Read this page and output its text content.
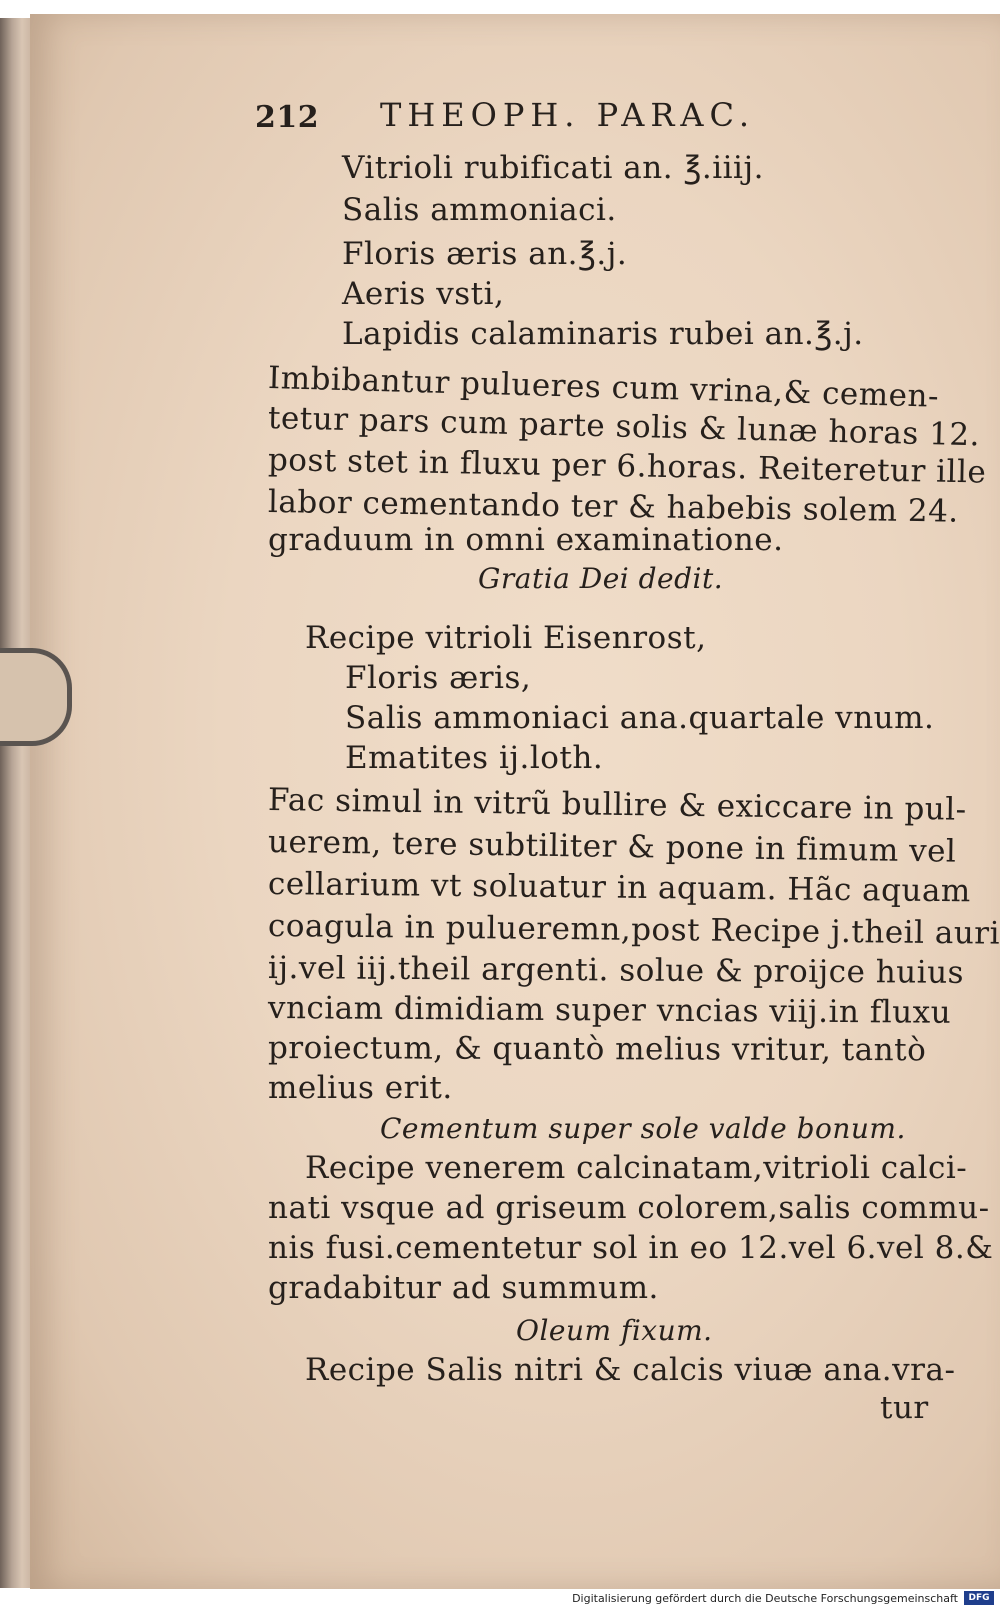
212 THEOPH. PARAC.
Vitrioli rubificati an. ℥.iiij.
Salis ammoniaci.
Floris æris an.℥.j.
Aeris vsti,
Lapidis calaminaris rubei an.℥.j.
Imbibantur pulueres cum vrina,& cemen-
tetur pars cum parte solis & lunæ horas 12.
post stet in fluxu per 6.horas. Reiteretur ille
labor cementando ter & habebis solem 24.
graduum in omni examinatione.
Gratia Dei dedit.
Recipe vitrioli Eisenrost,
Floris æris,
Salis ammoniaci ana.quartale vnum.
Ematites ij.loth.
Fac simul in vitrũ bullire & exiccare in pul-
uerem, tere subtiliter & pone in fimum vel
cellarium vt soluatur in aquam. Hãc aquam
coagula in pulueremn,post Recipe j.theil auri
ij.vel iij.theil argenti. solue & proijce huius
vnciam dimidiam super vncias viij.in fluxu
proiectum, & quantò melius vritur, tantò
melius erit.
Cementum super sole valde bonum.
Recipe venerem calcinatam,vitrioli calci-
nati vsque ad griseum colorem,salis commu-
nis fusi.cementetur sol in eo 12.vel 6.vel 8.&
gradabitur ad summum.
Oleum fixum.
Recipe Salis nitri & calcis viuæ ana.vra-
tur
Digitalisierung gefördert durch die Deutsche Forschungsgemeinschaft	DFG
